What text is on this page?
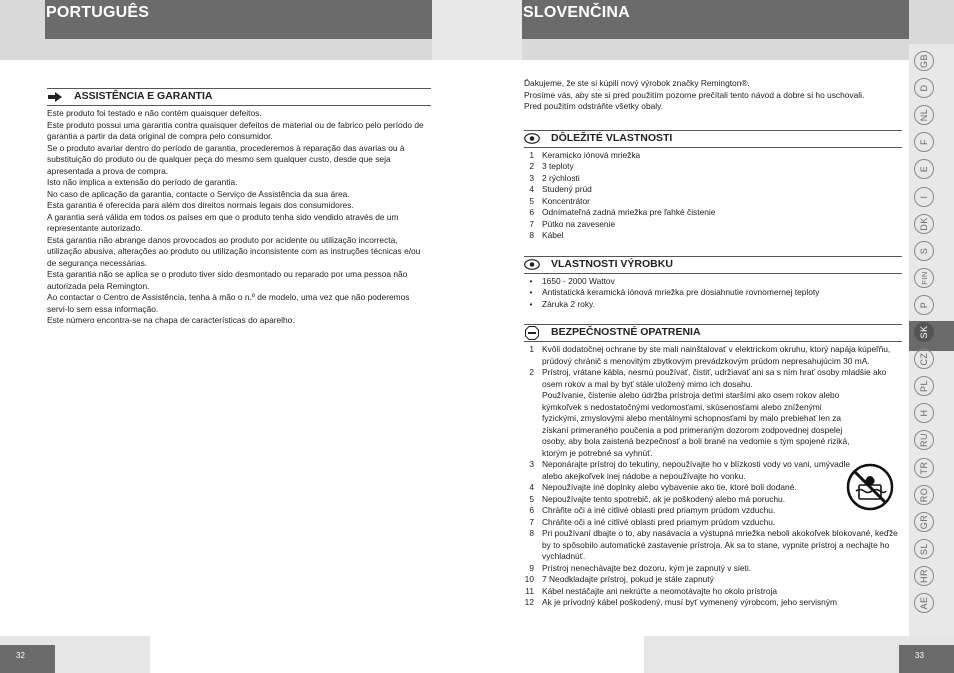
PORTUGUÊS	SLOVENČINA
ASSISTÊNCIA E GARANTIA
Este produto foi testado e não contém quaisquer defeitos.
Este produto possui uma garantia contra quaisquer defeitos de material ou de fabrico pelo período de garantia a partir da data original de compra pelo consumidor.
Se o produto avariar dentro do período de garantia, procederemos à reparação das avarias ou à substituição do produto ou de qualquer peça do mesmo sem qualquer custo, desde que seja apresentada a prova de compra.
Isto não implica a extensão do período de garantia.
No caso de aplicação da garantia, contacte o Serviço de Assistência da sua área.
Esta garantia é oferecida para além dos direitos normais legais dos consumidores.
A garantia será válida em todos os países em que o produto tenha sido vendido através de um representante autorizado.
Esta garantia não abrange danos provocados ao produto por acidente ou utilização incorrecta, utilização abusiva, alterações ao produto ou utilização inconsistente com as instruções técnicas e/ou de segurança necessárias.
Esta garantia não se aplica se o produto tiver sido desmontado ou reparado por uma pessoa não autorizada pela Remington.
Ao contactar o Centro de Assistência, tenha à mão o n.º de modelo, uma vez que não poderemos servi-lo sem essa informação.
Este número encontra-se na chapa de características do aparelho.
Ďakujeme, že ste si kúpili nový výrobok značky Remington®.
Prosíme vás, aby ste si pred použitím pozorne prečítali tento návod a dobre si ho uschovali.
Pred použitím odstráňte všetky obaly.
DÔLEŽITÉ VLASTNOSTI
1 Keramicko iónová mriežka
2 3 teploty
3 2 rýchlosti
4 Studený prúd
5 Koncentrátor
6 Odnímateľná zadná mriežka pre ľahké čistenie
7 Pútko na zavesenie
8 Kábel
VLASTNOSTI VÝROBKU
•	1650 - 2000 Wattov
•	Antistatická keramická iónová mriežka pre dosiahnutie rovnomernej teploty
•	Záruka 2 roky.
BEZPEČNOSTNÉ OPATRENIA
1 Kvôli dodatočnej ochrane by ste mali nainštalovať v elektrickom okruhu, ktorý napája kúpeľňu, prúdový chránič s menovitým zbytkovým prevádzkovým prúdom nepresahujúcim 30 mA.
2 Prístroj, vrátane kábla, nesmú používať, čistiť, udržiavať ani sa s ním hrať osoby mladšie ako osem rokov a mal by byť stále uložený mimo ich dosahu.
Používanie, čistenie alebo údržba prístroja deťmi staršími ako osem rokov alebo kýmkoľvek s nedostatočnými vedomosťami, skúsenosťami alebo zníženými fyzickými, zmyslovými alebo mentálnymi schopnosťami by malo prebiehať len za získaní primeraného poučenia a pod primeraným dozorom zodpovednej dospelej osoby, aby bola zaistená bezpečnosť a boli brané na vedomie s tým spojené riziká, ktorým je potrebné sa vyhnúť.
3 Neponárajte prístroj do tekutiny, nepoužívajte ho v blízkosti vody vo vani, umývadle alebo akejkoľvek inej nádobe a nepoužívajte ho vonku.
4 Nepoužívajte iné doplnky alebo vybavenie ako tie, ktoré boli dodané.
5 Nepoužívajte tento spotrebič, ak je poškodený alebo má poruchu.
6 Chráňte oči a iné citlivé oblasti pred priamym prúdom vzduchu.
7 Chráňte oči a iné citlivé oblasti pred priamym prúdom vzduchu.
8 Pri používaní dbajte o to, aby nasávacia a výstupná mriežka neboli akokoľvek blokované, keďže by to spôsobilo automatické zastavenie prístroja. Ak sa to stane, vypnite prístroj a nechajte ho vychladnúť.
9 Prístroj nenechávajte bez dozoru, kým je zapnutý v sieti.
10 7 Neodkladajte prístroj, pokud je stále zapnutý
11 Kábel nestáčajte ani nekrúťte a neomotávajte ho okolo prístroja
12 Ak je prívodný kábel poškodený, musí byť vymenený výrobcom, jeho servisným
GB
D
NL
F
E
I
DK
S
FIN
P
SK
CZ
PL
H
RU
TR
RO
GR
SL
HR
AE
32	33
